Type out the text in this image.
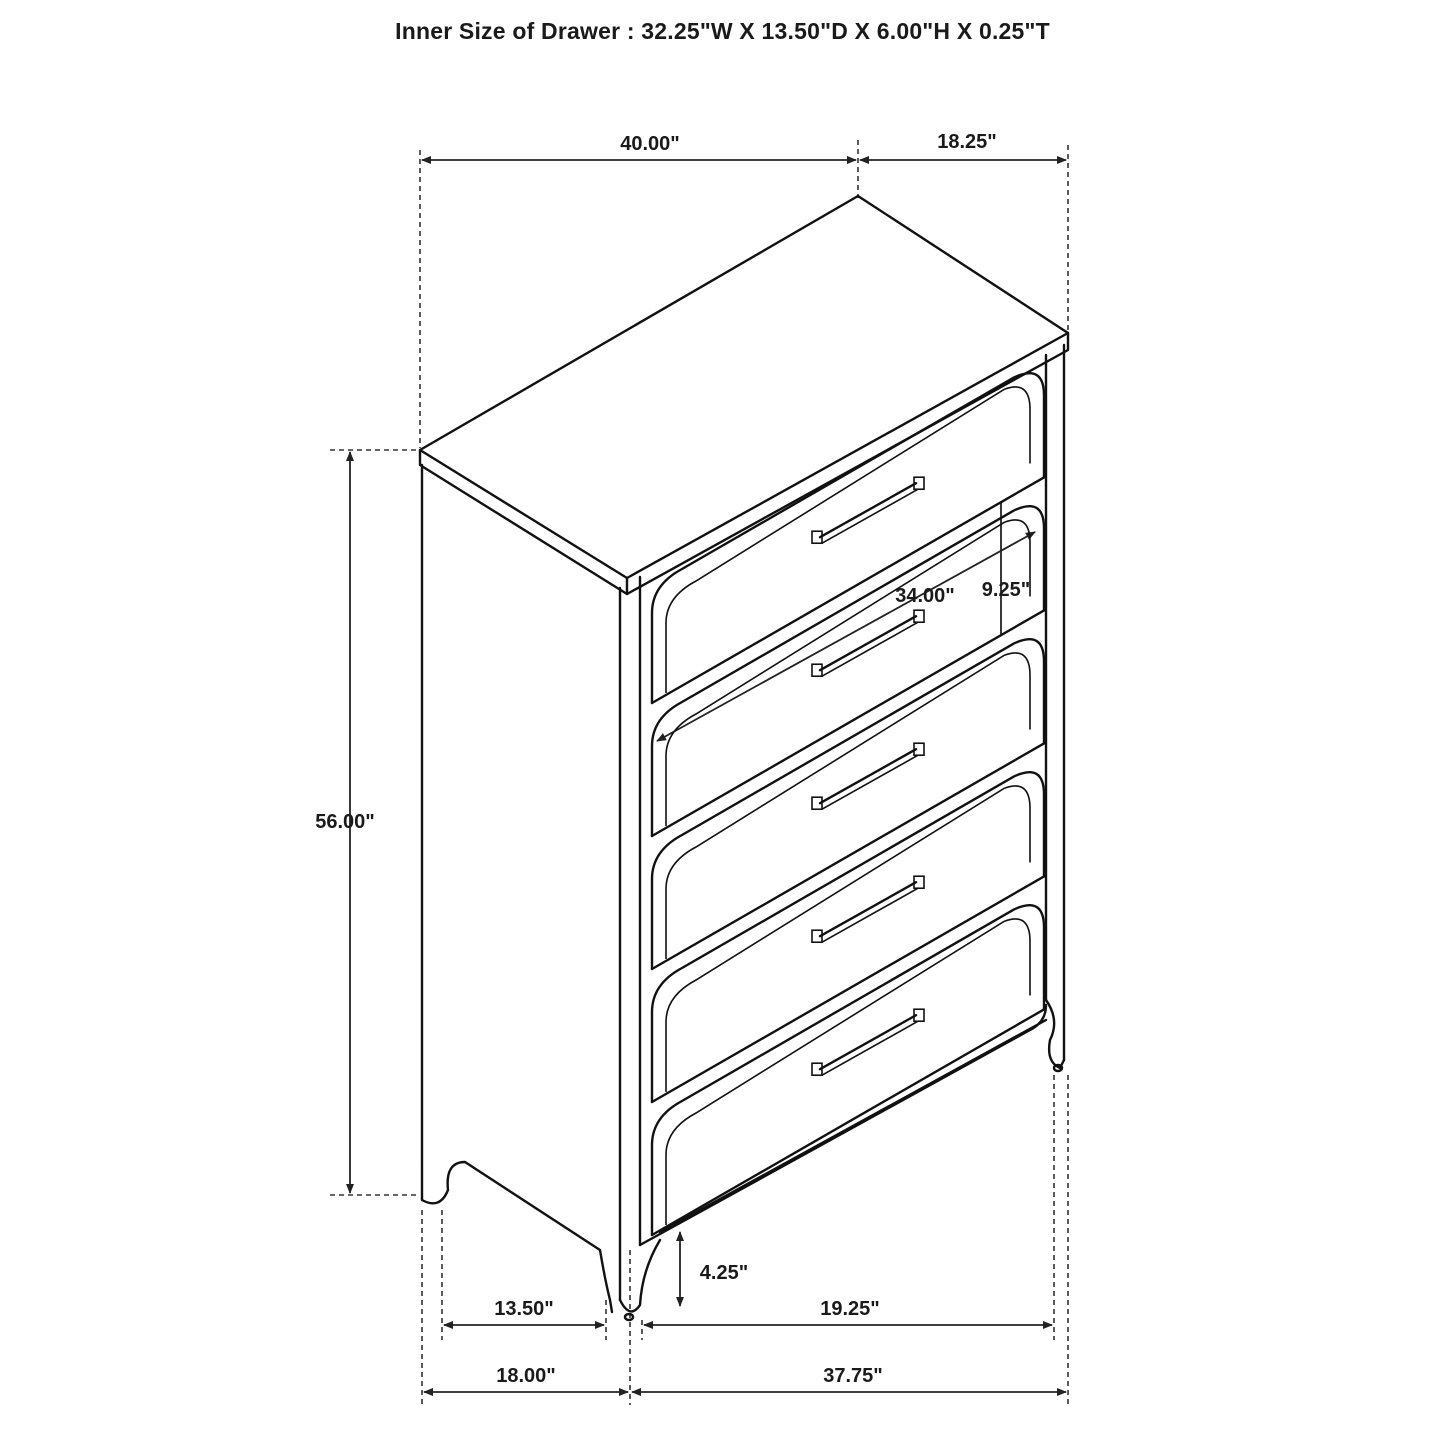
Inner Size of Drawer : 32.25"W X 13.50"D X 6.00"H X 0.25"T
40.00"	18.25"
56.00"
34.00" 9.25"
4.25"
13.50"	19.25"
18.00"	37.75"
